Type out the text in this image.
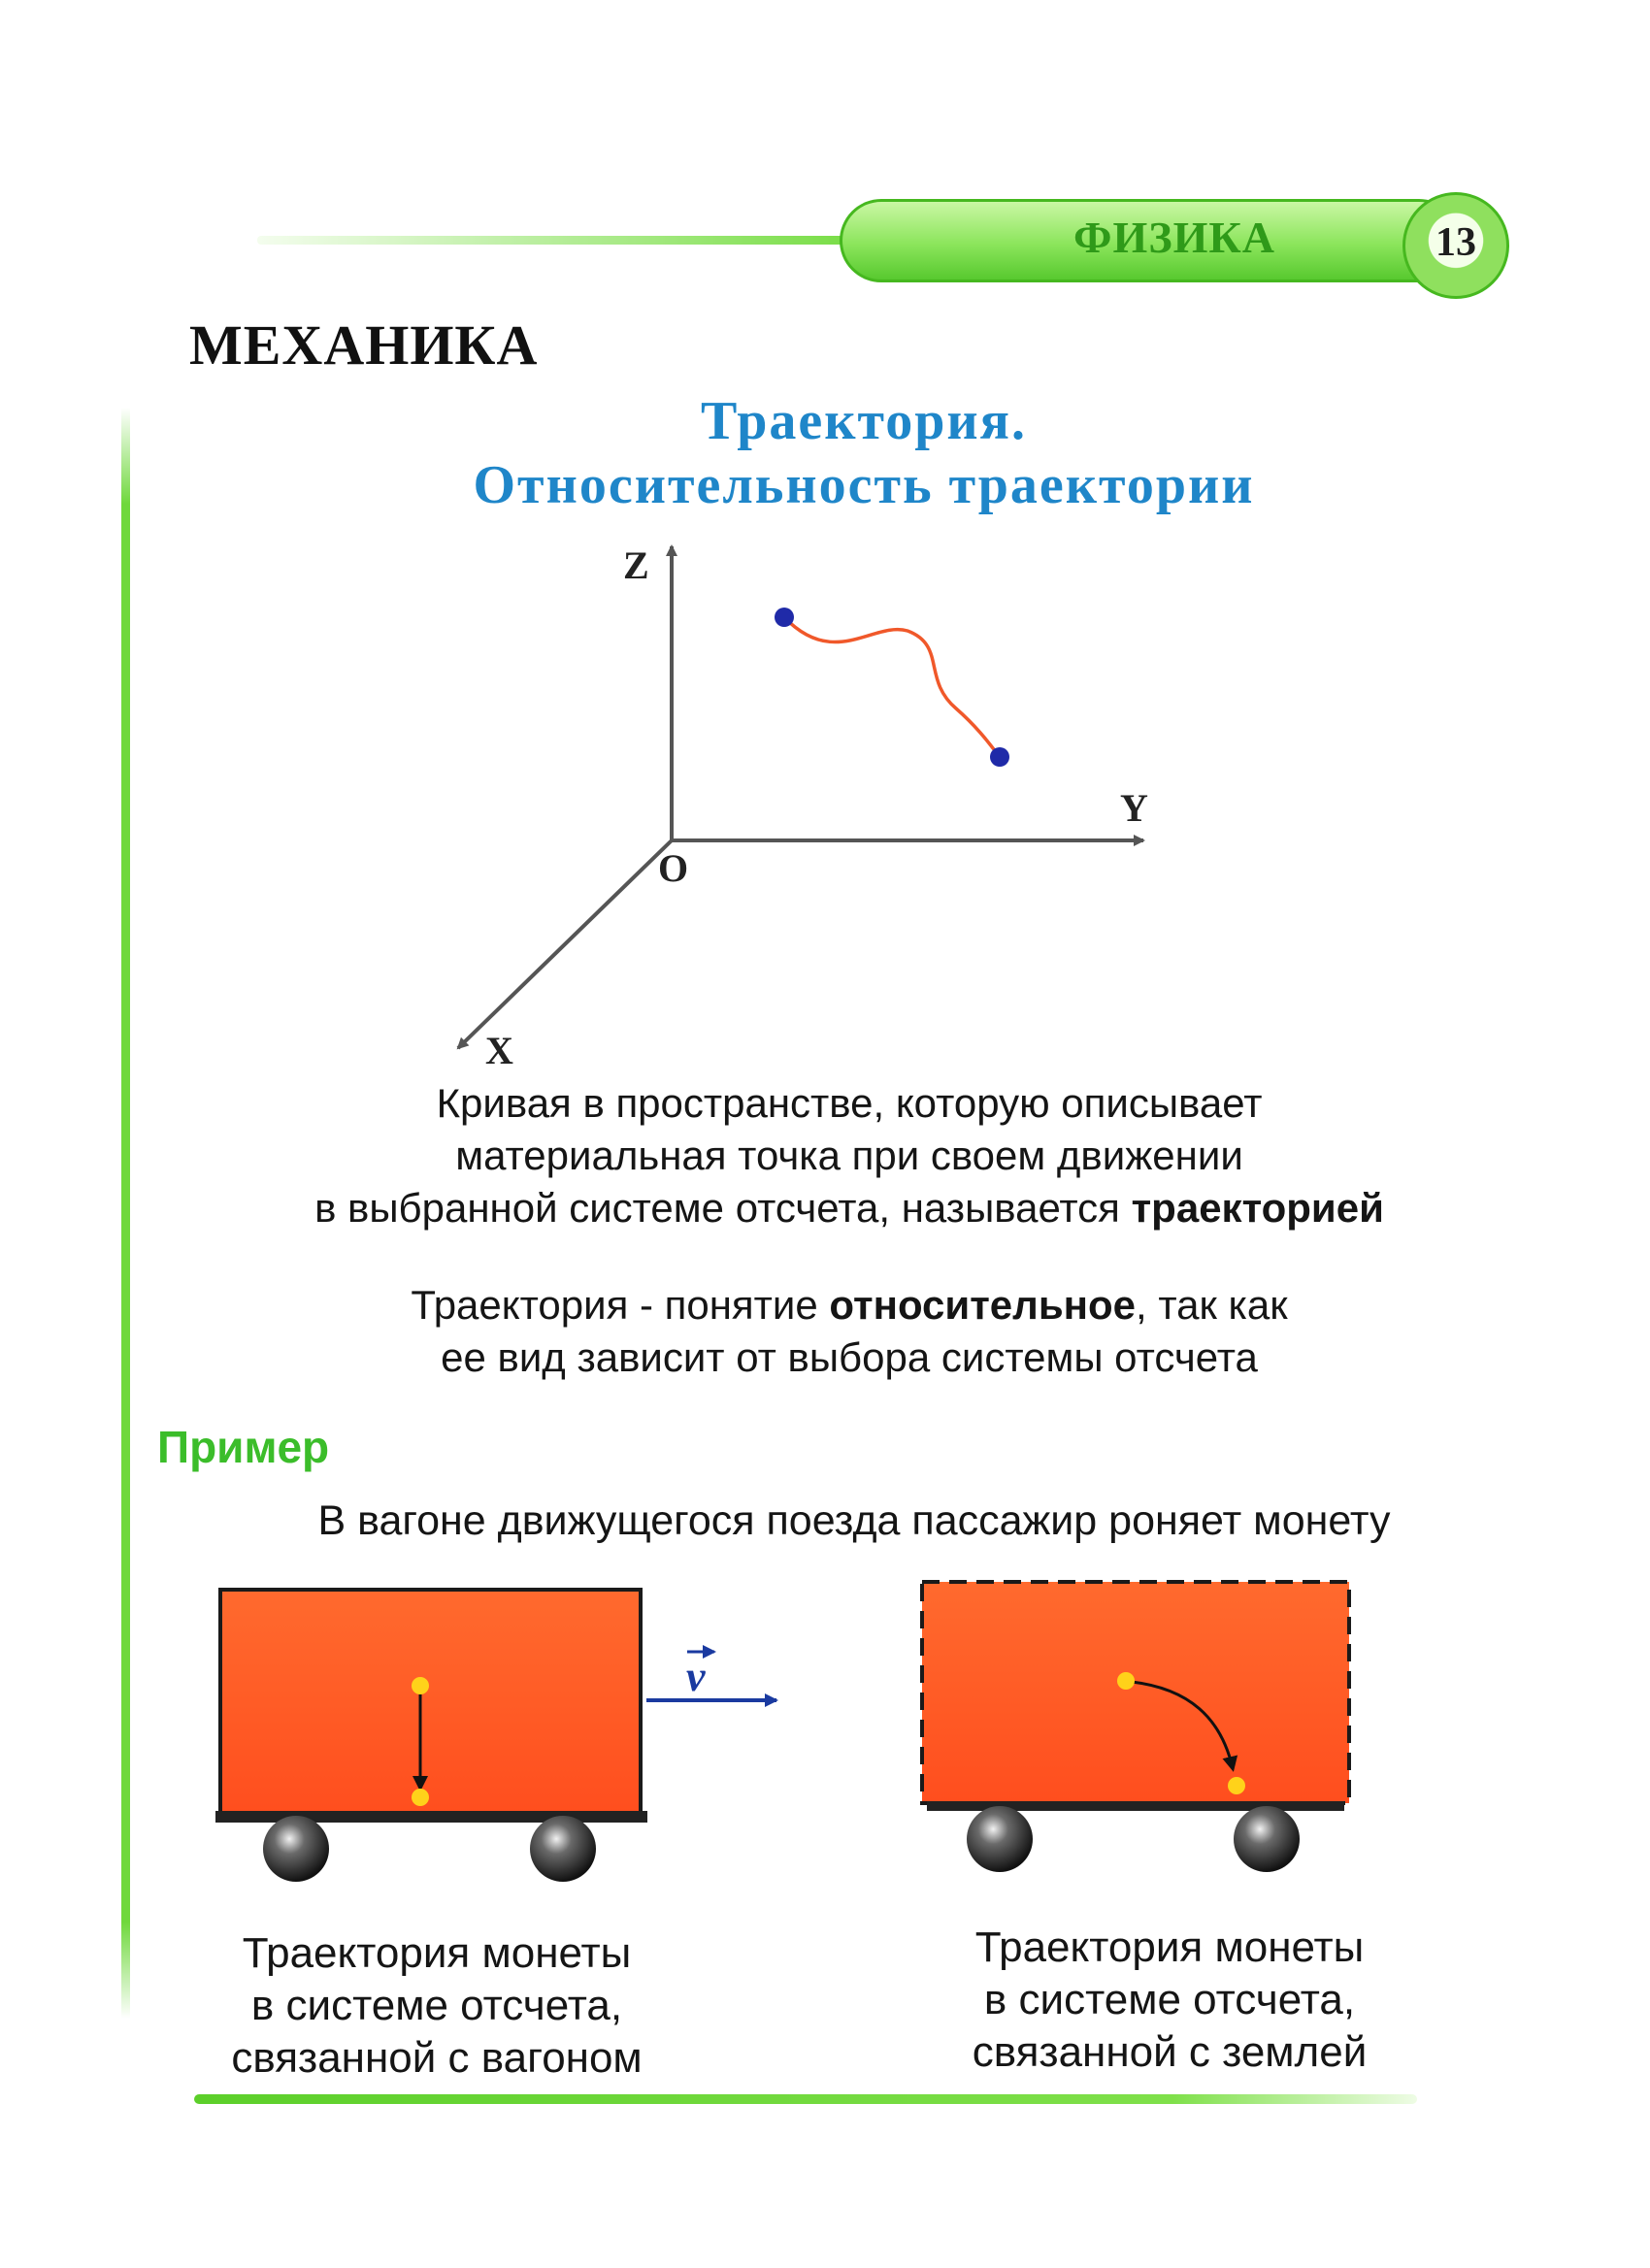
ФИЗИКА	13
МЕХАНИКА
Траектория.
Относительность траектории
Z
Y
X
O
v
Кривая в пространстве, которую описывает
материальная точка при своем движении
в выбранной системе отсчета, называется траекторией
Траектория - понятие относительное, так как
ее вид зависит от выбора системы отсчета
Пример
В вагоне движущегося поезда пассажир роняет монету
Траектория монеты
в системе отсчета,
связанной с вагоном
Траектория монеты
в системе отсчета,
связанной с землей
